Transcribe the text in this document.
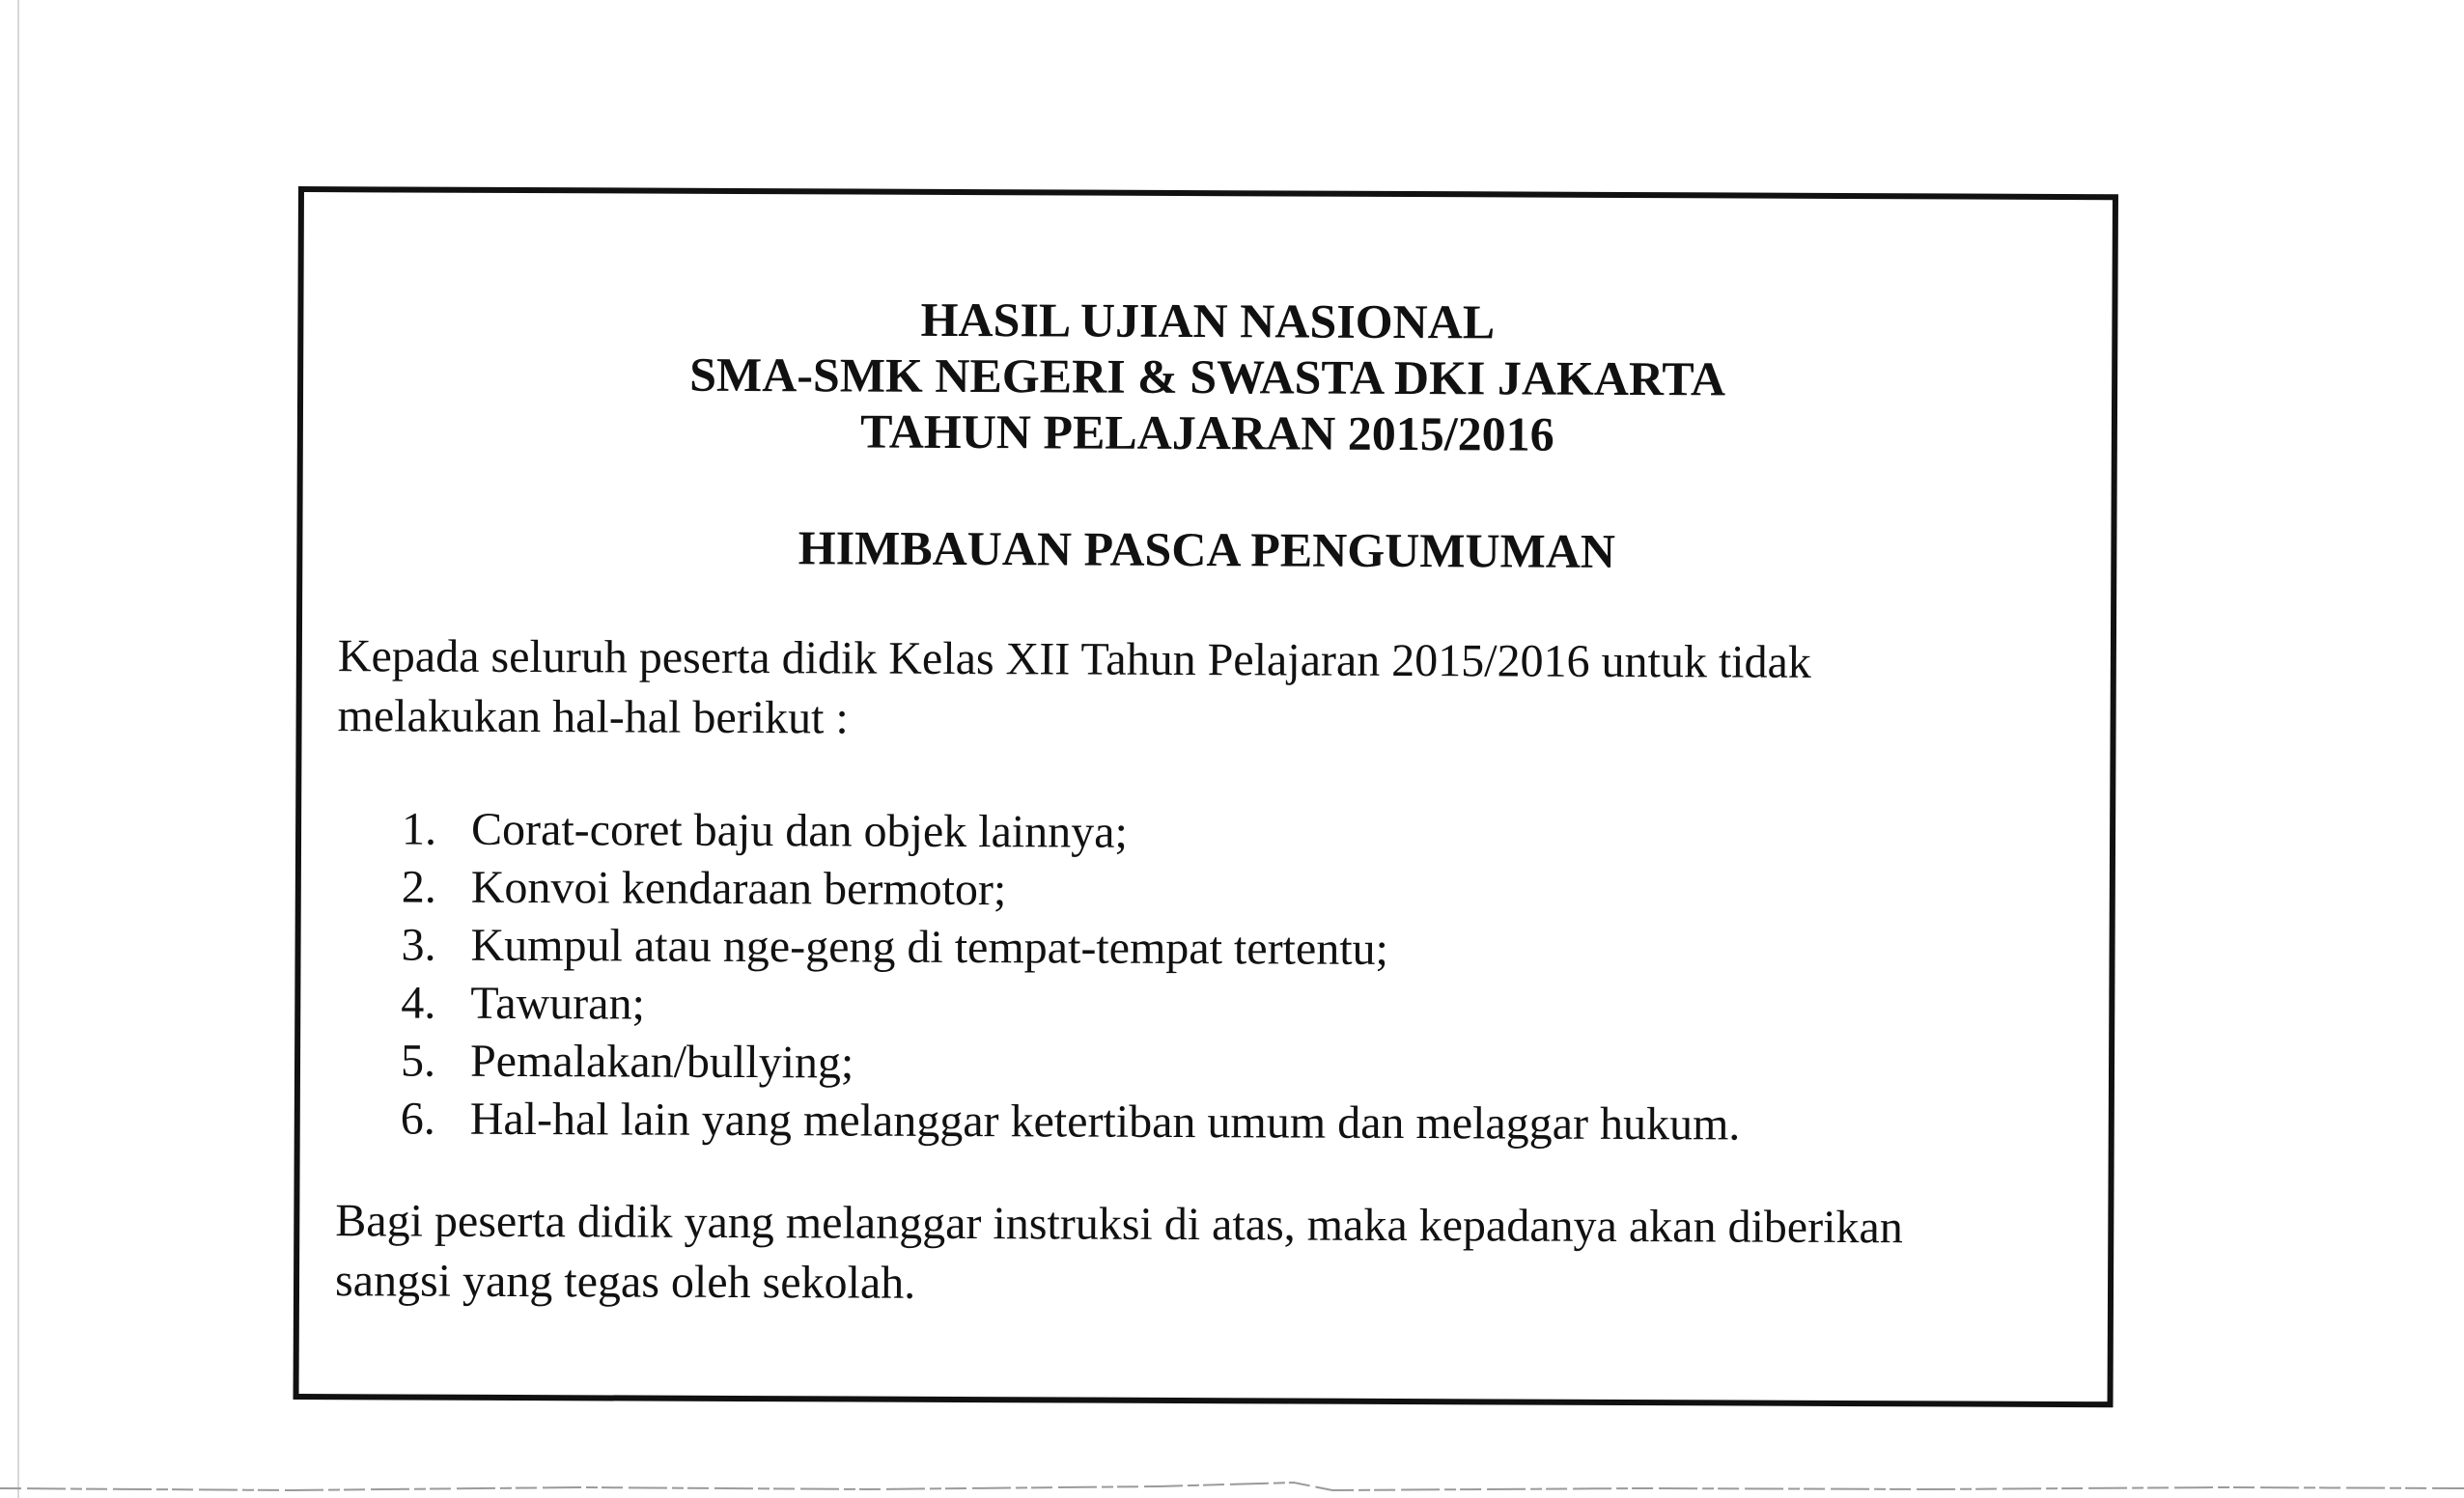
HASIL UJIAN NASIONAL
SMA-SMK NEGERI & SWASTA DKI JAKARTA
TAHUN PELAJARAN 2015/2016
HIMBAUAN PASCA PENGUMUMAN
Kepada seluruh peserta didik Kelas XII Tahun Pelajaran 2015/2016 untuk tidak
melakukan hal-hal berikut :
1. Corat-coret baju dan objek lainnya;
2. Konvoi kendaraan bermotor;
3. Kumpul atau nge-geng di tempat-tempat tertentu;
4. Tawuran;
5. Pemalakan/bullying;
6. Hal-hal lain yang melanggar ketertiban umum dan melaggar hukum.
Bagi peserta didik yang melanggar instruksi di atas, maka kepadanya akan diberikan
sangsi yang tegas oleh sekolah.
